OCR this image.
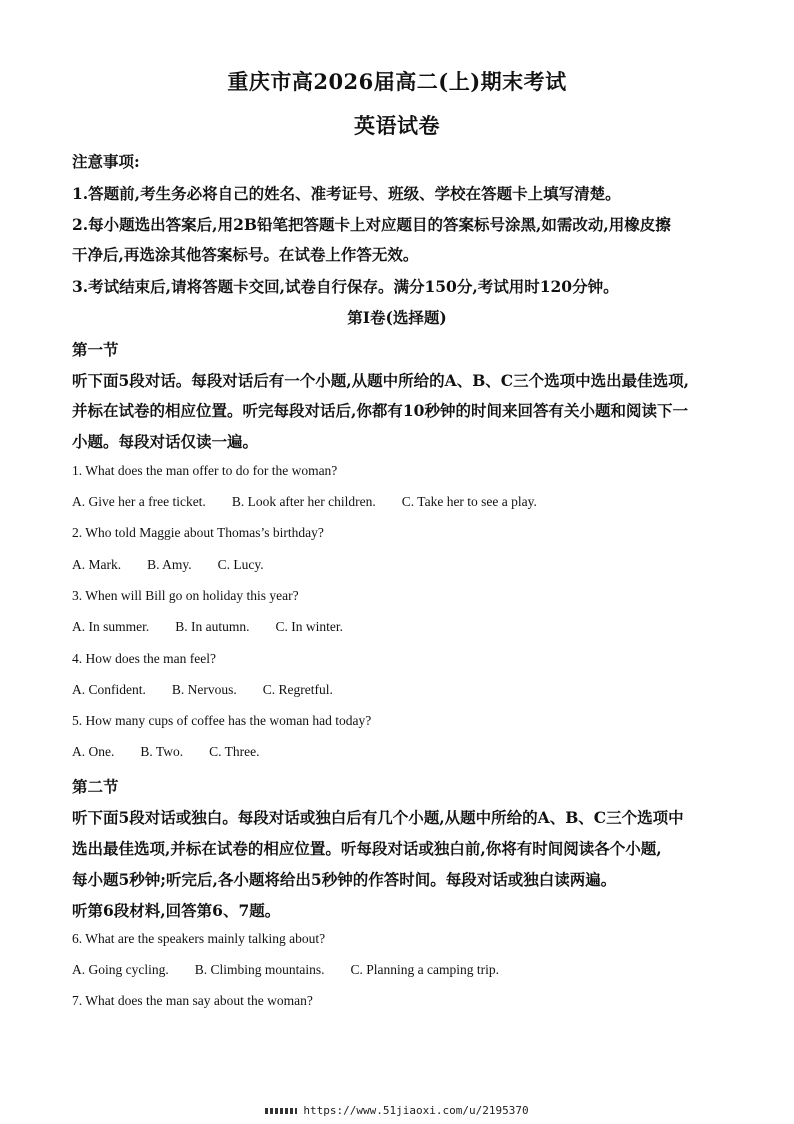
重庆市高2026届高二(上)期末考试
英语试卷
注意事项:
1.答题前,考生务必将自己的姓名、准考证号、班级、学校在答题卡上填写清楚。
2.每小题选出答案后,用2B铅笔把答题卡上对应题目的答案标号涂黑,如需改动,用橡皮擦
干净后,再选涂其他答案标号。在试卷上作答无效。
3.考试结束后,请将答题卡交回,试卷自行保存。满分150分,考试用时120分钟。
第I卷(选择题)
第一节
听下面5段对话。每段对话后有一个小题,从题中所给的A、B、C三个选项中选出最佳选项,
并标在试卷的相应位置。听完每段对话后,你都有10秒钟的时间来回答有关小题和阅读下一
小题。每段对话仅读一遍。
1. What does the man offer to do for the woman?
A. Give her a free ticket. B. Look after her children. C. Take her to see a play.
2. Who told Maggie about Thomas’s birthday?
A. Mark. B. Amy. C. Lucy.
3. When will Bill go on holiday this year?
A. In summer. B. In autumn. C. In winter.
4. How does the man feel?
A. Confident. B. Nervous. C. Regretful.
5. How many cups of coffee has the woman had today?
A. One. B. Two. C. Three.
第二节
听下面5段对话或独白。每段对话或独白后有几个小题,从题中所给的A、B、C三个选项中
选出最佳选项,并标在试卷的相应位置。听每段对话或独白前,你将有时间阅读各个小题,
每小题5秒钟;听完后,各小题将给出5秒钟的作答时间。每段对话或独白读两遍。
听第6段材料,回答第6、7题。
6. What are the speakers mainly talking about?
A. Going cycling. B. Climbing mountains. C. Planning a camping trip.
7. What does the man say about the woman?
https://www.51jiaoxi.com/u/2195370
